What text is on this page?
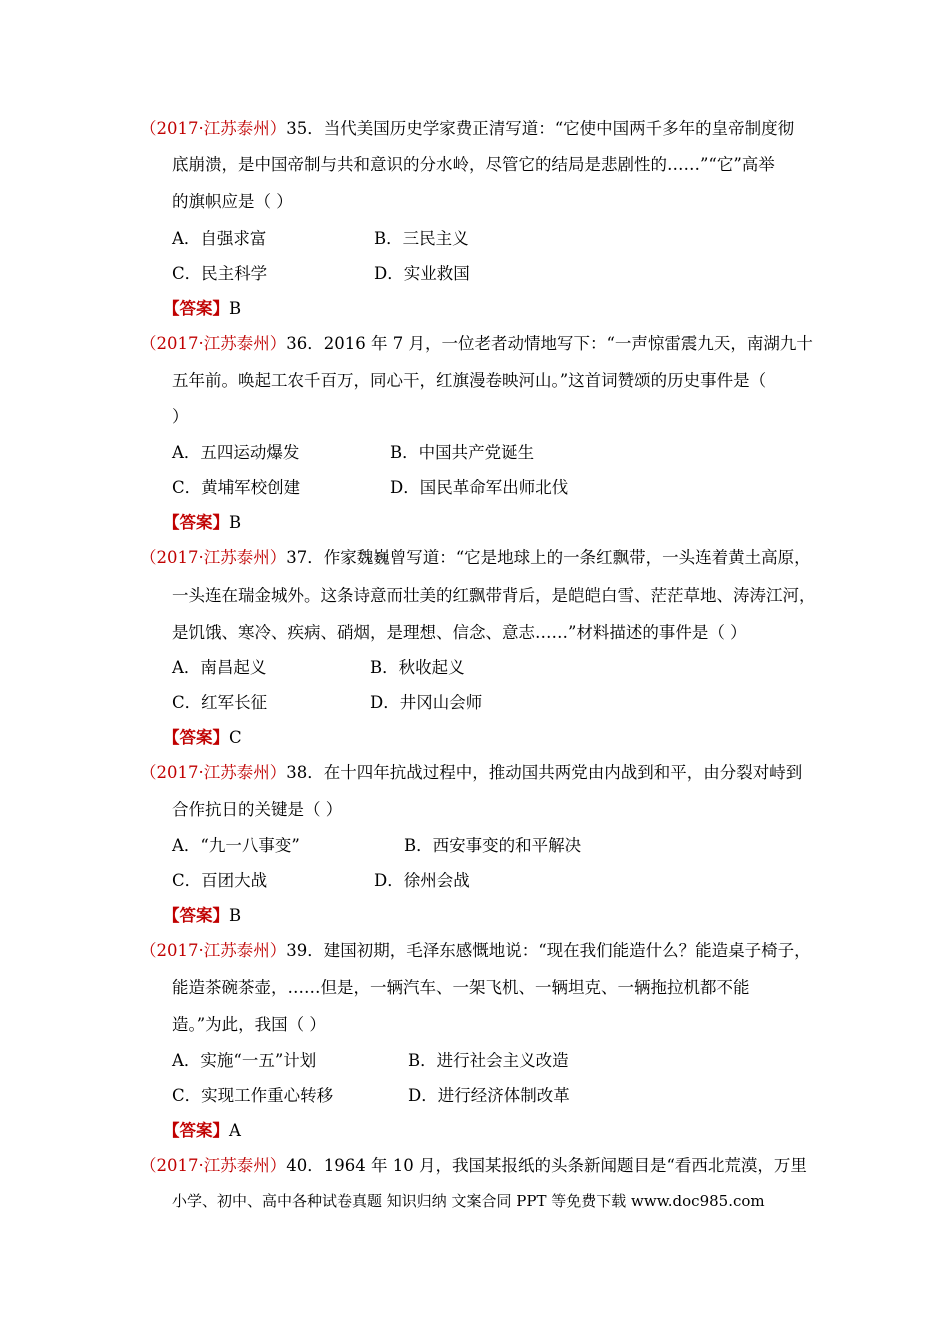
（2017·江苏泰州）35．当代美国历史学家费正清写道：“它使中国两千多年的皇帝制度彻
底崩溃，是中国帝制与共和意识的分水岭，尽管它的结局是悲剧性的……”“它”高举
的旗帜应是（ ）
A．自强求富	B．三民主义
C．民主科学	D．实业救国
【答案】B
（2017·江苏泰州）36．2016 年 7 月，一位老者动情地写下：“一声惊雷震九天，南湖九十
五年前。唤起工农千百万，同心干，红旗漫卷映河山。”这首词赞颂的历史事件是（
）
A．五四运动爆发	B．中国共产党诞生
C．黄埔军校创建	D．国民革命军出师北伐
【答案】B
（2017·江苏泰州）37．作家魏巍曾写道：“它是地球上的一条红飘带，一头连着黄土高原，
一头连在瑞金城外。这条诗意而壮美的红飘带背后，是皑皑白雪、茫茫草地、涛涛江河，
是饥饿、寒冷、疾病、硝烟，是理想、信念、意志……”材料描述的事件是（ ）
A．南昌起义	B．秋收起义
C．红军长征	D．井冈山会师
【答案】C
（2017·江苏泰州）38．在十四年抗战过程中，推动国共两党由内战到和平，由分裂对峙到
合作抗日的关键是（ ）
A．“九一八事变”	B．西安事变的和平解决
C．百团大战	D．徐州会战
【答案】B
（2017·江苏泰州）39．建国初期，毛泽东感慨地说：“现在我们能造什么？能造桌子椅子，
能造茶碗茶壶，……但是，一辆汽车、一架飞机、一辆坦克、一辆拖拉机都不能
造。”为此，我国（ ）
A．实施“一五”计划	B．进行社会主义改造
C．实现工作重心转移	D．进行经济体制改革
【答案】A
（2017·江苏泰州）40．1964 年 10 月，我国某报纸的头条新闻题目是“看西北荒漠，万里
小学、初中、高中各种试卷真题 知识归纳 文案合同 PPT 等免费下载 www.doc985.com
